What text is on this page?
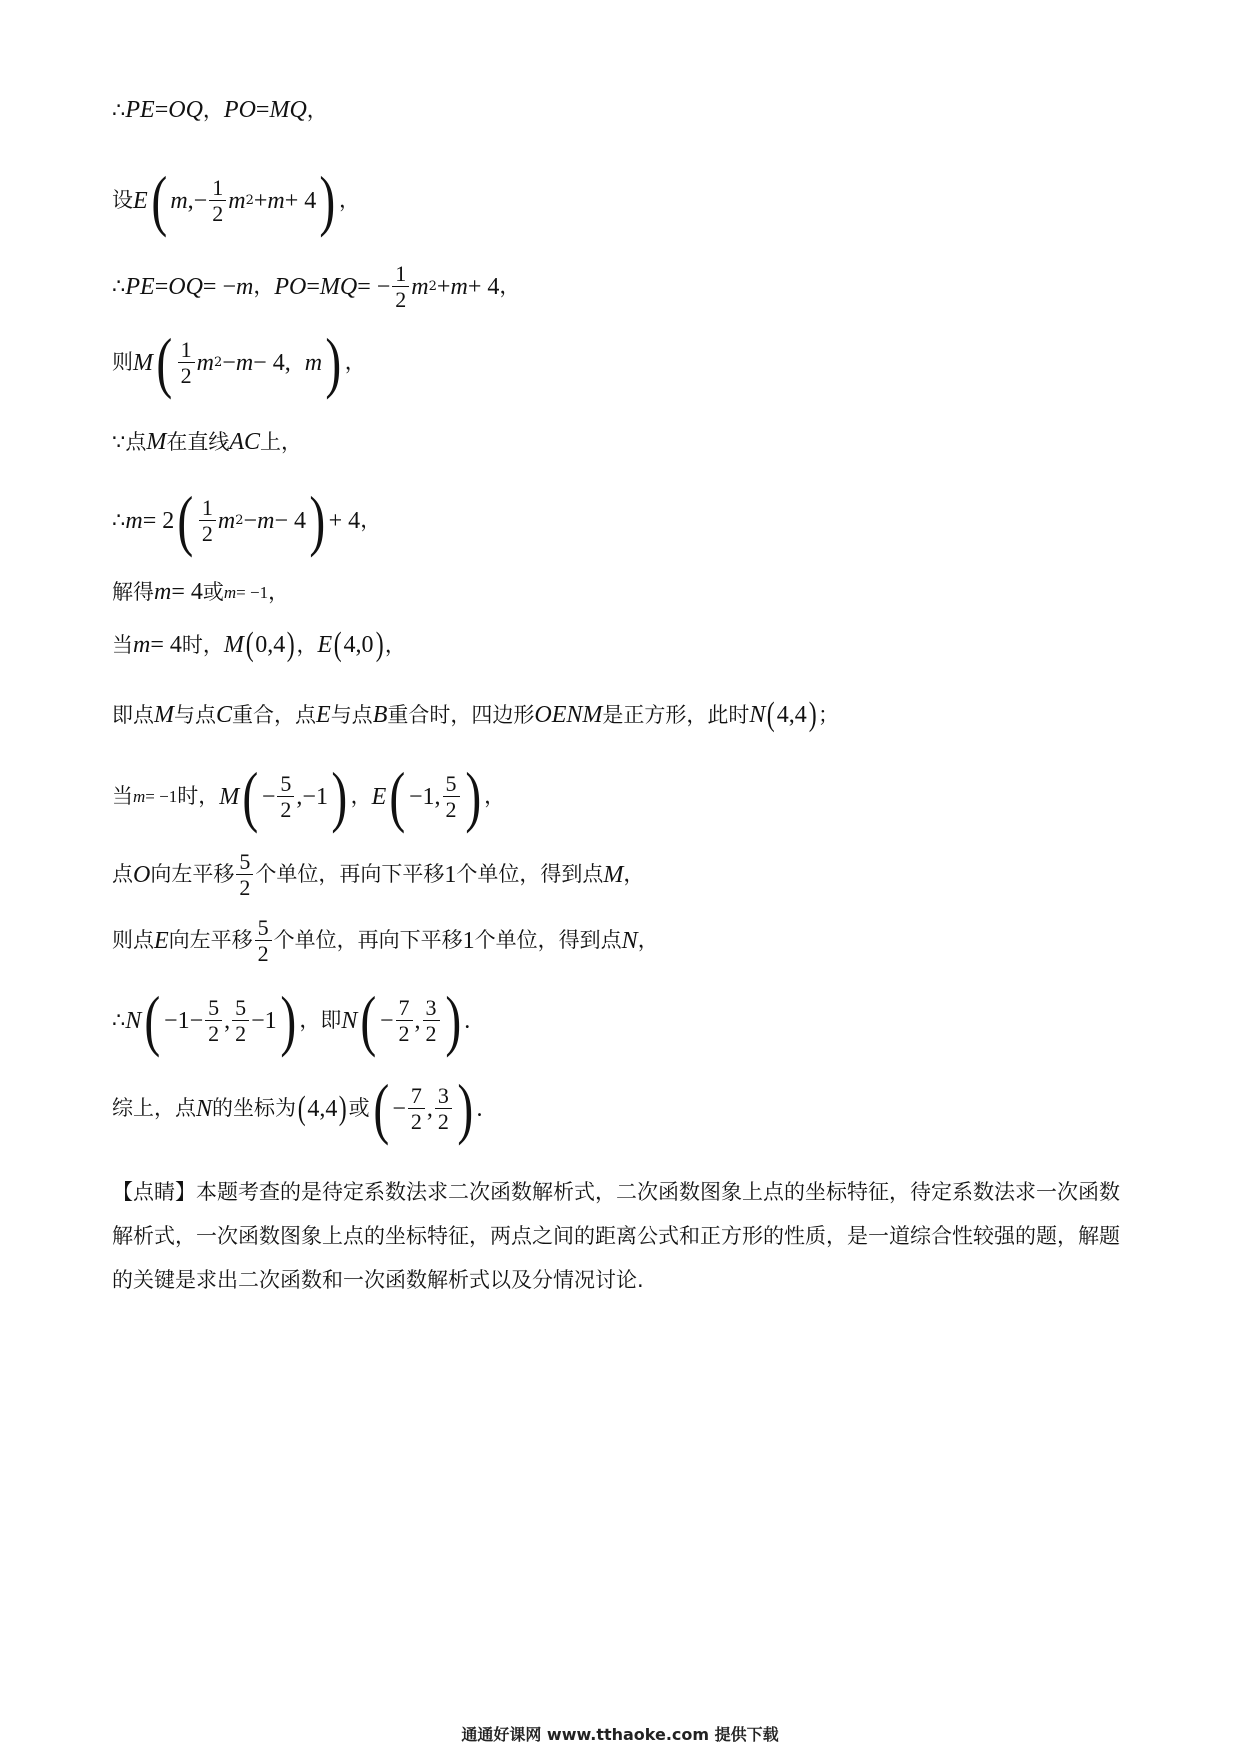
∴ PE = OQ ， PO = MQ ，
设 E ( m ,− $\frac{1}{2}$ m 2 + m + 4 ) ，
∴ PE = OQ = − m ， PO = MQ = − $\frac{1}{2}$ m 2 + m + 4 ，
则 M ( $\frac{1}{2}$ m 2 − m − 4, m ) ，
∵点 M 在直线 AC 上，
∴ m = 2 ( $\frac{1}{2}$ m 2 − m − 4 ) + 4 ，
解得 m = 4 或 m = −1 ，
当 m = 4 时， M ( 0,4 ) ， E ( 4,0 ) ，
即点 M 与点 C 重合，点 E 与点 B 重合时，四边形 OENM 是正方形，此时 N ( 4,4 ) ；
当 m = −1 时， M ( − $\frac{5}{2} ,-1$ ) ， E ( −1, $\frac{5}{2}$ ) ，
点 O 向左平移 $\frac{5}{2}$ 个单位，再向下平移 1 个单位，得到点 M ，
则点 E 向左平移 $\frac{5}{2}$ 个单位，再向下平移 1 个单位，得到点 N ，
∴ N ( $-1- \frac{5}{2}$ , $\frac{5}{2} -1$ ) ，即 N ( − $\frac{7}{2}$ , $\frac{3}{2}$ ) .
综上，点 N 的坐标为 ( 4,4 ) 或 ( − $\frac{7}{2}$ , $\frac{3}{2}$ ) .
【点睛】本题考查的是待定系数法求二次函数解析式，二次函数图象上点的坐标特征，待定系数法求一次函数解析式，一次函数图象上点的坐标特征，两点之间的距离公式和正方形的性质，是一道综合性较强的题，解题的关键是求出二次函数和一次函数解析式以及分情况讨论.
通通好课网 www.tthaoke.com 提供下载
